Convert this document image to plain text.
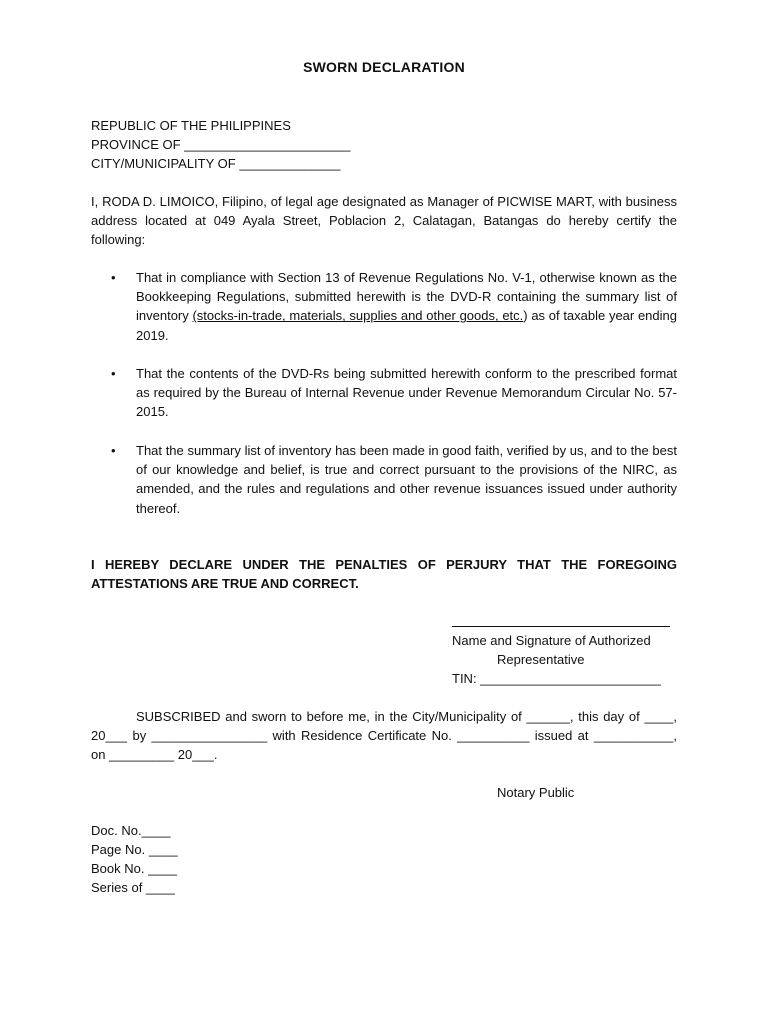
SWORN DECLARATION
REPUBLIC OF THE PHILIPPINES
PROVINCE OF _______________________
CITY/MUNICIPALITY OF ______________
I, RODA D. LIMOICO, Filipino, of legal age designated as Manager of PICWISE MART, with business address located at 049 Ayala Street, Poblacion 2, Calatagan, Batangas do hereby certify the following:
• That in compliance with Section 13 of Revenue Regulations No. V-1, otherwise known as the Bookkeeping Regulations, submitted herewith is the DVD-R containing the summary list of inventory (stocks-in-trade, materials, supplies and other goods, etc.) as of taxable year ending 2019.
• That the contents of the DVD-Rs being submitted herewith conform to the prescribed format as required by the Bureau of Internal Revenue under Revenue Memorandum Circular No. 57-2015.
• That the summary list of inventory has been made in good faith, verified by us, and to the best of our knowledge and belief, is true and correct pursuant to the provisions of the NIRC, as amended, and the rules and regulations and other revenue issuances issued under authority thereof.
I HEREBY DECLARE UNDER THE PENALTIES OF PERJURY THAT THE FOREGOING ATTESTATIONS ARE TRUE AND CORRECT.
Name and Signature of Authorized
Representative
TIN: _________________________
SUBSCRIBED and sworn to before me, in the City/Municipality of ______, this day of ____, 20___ by ________________ with Residence Certificate No. __________ issued at ___________, on _________ 20___.
Notary Public
Doc. No.____
Page No. ____
Book No. ____
Series of ____
